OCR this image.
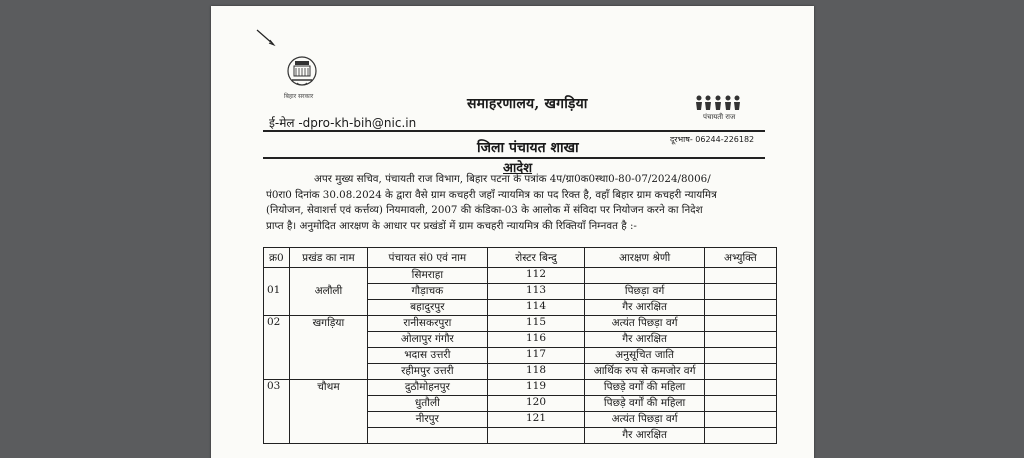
बिहार सरकार	समाहरणालय, खगड़िया
ई-मेल -dpro-kh-bih@nic.in	पंचायती राज
दूरभाष- 06244-226182
जिला पंचायत शाखा
आदेश
अपर मुख्य सचिव, पंचायती राज विभाग, बिहार पटना के पत्रांक 4प/ग्रा0क0स्था0-80-07/2024/8006/
पं0रा0 दिनांक 30.08.2024 के द्वारा वैसे ग्राम कचहरी जहाँ न्यायमित्र का पद रिक्त है, वहाँ बिहार ग्राम कचहरी न्यायमित्र
(नियोजन, सेवाशर्त्त एवं कर्त्तव्य) नियमावली, 2007 की कंडिका-03 के आलोक में संविदा पर नियोजन करने का निदेश
प्राप्त है। अनुमोदित आरक्षण के आधार पर प्रखंडों में ग्राम कचहरी न्यायमित्र की रिक्तियाँ निम्नवत है :-
क्र0	प्रखंड का नाम	पंचायत सं0 एवं नाम	रोस्टर बिन्दु	आरक्षण श्रेणी	अभ्युक्ति
		सिमराहा	112		
01	अलौली	गौड़ाचक	113	पिछड़ा वर्ग	
		बहादुरपुर	114	गैर आरक्षित	
02	खगड़िया	रानीसकरपुरा	115	अत्यंत पिछड़ा वर्ग	
		ओलापुर गंगौर	116	गैर आरक्षित	
		भदास उत्तरी	117	अनुसूचित जाति	
		रहीमपुर उत्तरी	118	आर्थिक रुप से कमजोर वर्ग	
03	चौथम	दुठौमोहनपुर	119	पिछड़े वर्गों की महिला	
		धुतौली	120	पिछड़े वर्गों की महिला	
		नीरपुर	121	अत्यंत पिछड़ा वर्ग	
				गैर आरक्षित	
